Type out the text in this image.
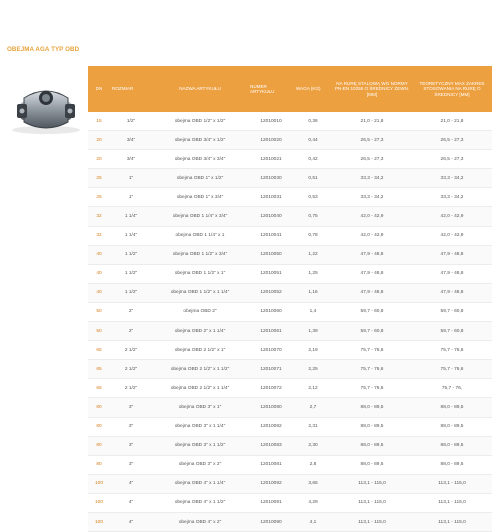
OBEJMA AGA TYP OBD
DN	ROZMIAR	NAZWA ARTYKUŁU	NUMER ARTYKUŁU	WAGA (KG)	NA RURĘ STALOWĄ WG NORMY PN-EN 10255 O ŚREDNICY ZEWN. [MM]	TEORETYCZNY MAX ZAKRES STOSOWANIA NA RURĘ O ŚREDNICY [MM]
15	1/2"	obejma OBD 1/2" x 1/2"	12010010	0,36	21,0 - 21,8	21,0 - 21,8
20	3/4"	obejma OBD 3/4" x 1/2"	12010020	0,44	26,5 - 27,3	26,5 - 27,3
20	3/4"	obejma OBD 3/4" x 3/4"	12010021	0,42	26,5 - 27,3	26,5 - 27,3
25	1"	obejma OBD 1" x 1/2"	12010030	0,51	33,3 - 34,2	33,3 - 34,2
25	1"	obejma OBD 1" x 3/4"	12010031	0,53	33,3 - 34,2	33,3 - 34,2
32	1 1/4"	obejma OBD 1 1/4" x 3/4"	12010040	0,75	42,0 - 42,9	42,0 - 42,9
32	1 1/4"	obejma OBD 1 1/4" x 1	12010041	0,78	42,0 - 42,9	42,0 - 42,9
40	1 1/2"	obejma OBD 1 1/2" x 3/4"	12010050	1,22	47,9 - 48,8	47,9 - 48,8
40	1 1/2"	obejma OBD 1 1/2" x 1"	12010051	1,25	47,9 - 48,8	47,9 - 48,8
40	1 1/2"	obejma OBD 1 1/2" x 1 1/4"	12010052	1,16	47,9 - 48,8	47,9 - 48,8
50	2"	obejma OBD 2"	12010060	1,4	59,7 - 60,8	59,7 - 60,8
50	2"	obejma OBD 2" x 1 1/4"	12010061	1,39	59,7 - 60,8	59,7 - 60,8
65	2 1/2"	obejma OBD 2 1/2" x 1"	12010070	2,19	75,7 - 76,6	75,7 - 76,6
65	2 1/2"	obejma OBD 2 1/2" x 1 1/2"	12010071	2,25	75,7 - 76,6	75,7 - 76,6
65	2 1/2"	obejma OBD 2 1/2" x 1 1/4"	12010072	2,12	75,7 - 76,6	75,7 - 76,
80	3"	obejma OBD 3" x 1"	12010080	2,7	88,0 - 89,5	88,0 - 89,5
80	3"	obejma OBD 3" x 1 1/4"	12010082	2,31	88,0 - 89,5	88,0 - 89,5
80	3"	obejma OBD 3" x 1 1/2"	12010083	2,30	88,0 - 89,5	88,0 - 89,5
80	3"	obejma OBD 3" x 2"	12010081	2,8	88,0 - 89,5	88,0 - 89,5
100	4"	obejma OBD 4" x 1 1/4"	12010092	3,65	113,1 - 115,0	113,1 - 115,0
100	4"	obejma OBD 4" x 1 1/2"	12010091	4,29	113,1 - 115,0	113,1 - 115,0
100	4"	obejma OBD 4" x 2"	12010090	4,1	113,1 - 115,0	113,1 - 115,0
